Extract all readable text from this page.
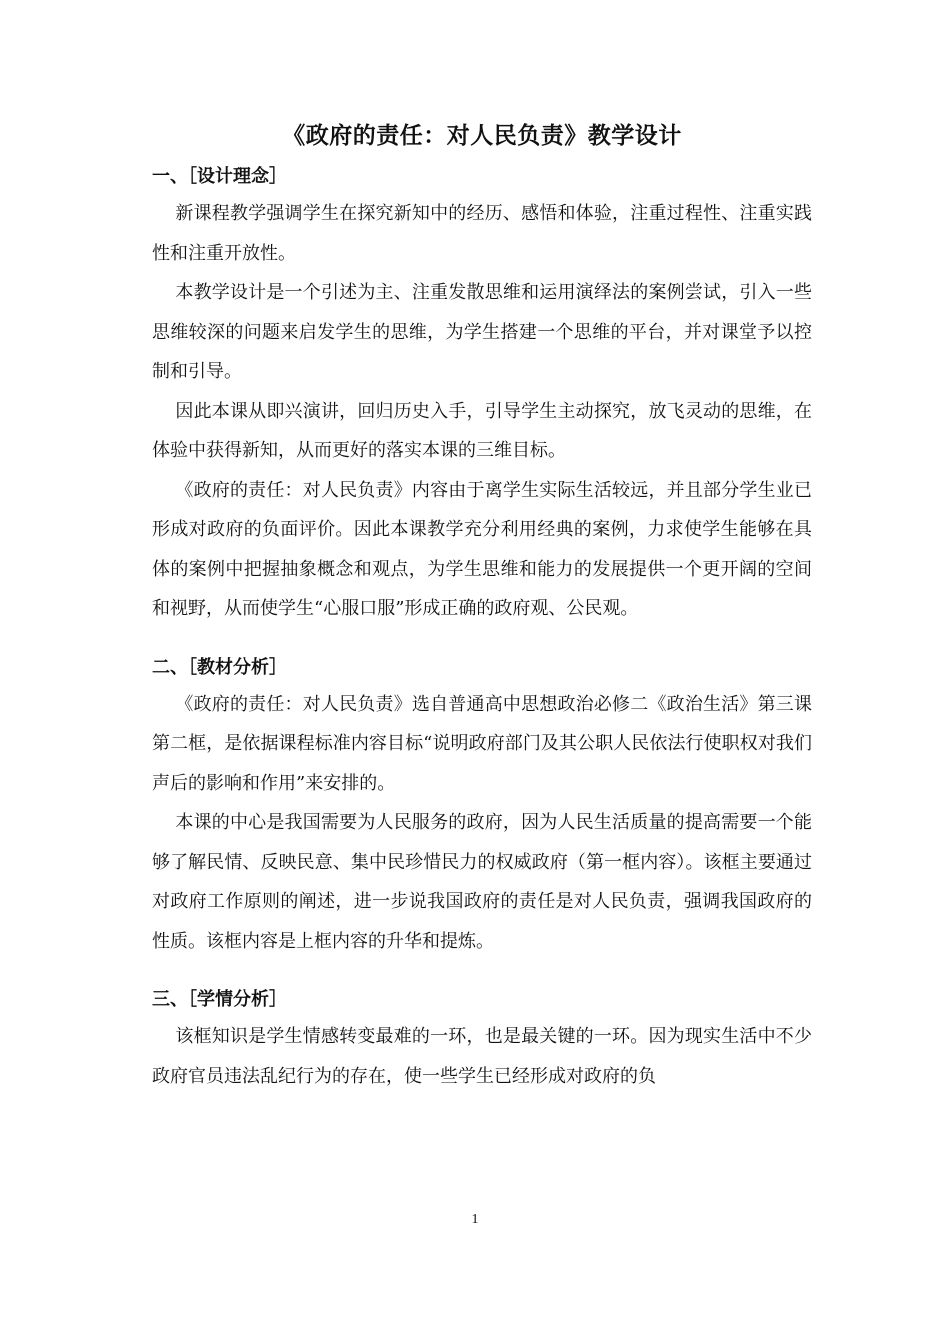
《政府的责任：对人民负责》教学设计
一、［设计理念］

新课程教学强调学生在探究新知中的经历、感悟和体验，注重过程性、注重实践性和注重开放性。

本教学设计是一个引述为主、注重发散思维和运用演绎法的案例尝试，引入一些思维较深的问题来启发学生的思维，为学生搭建一个思维的平台，并对课堂予以控制和引导。

因此本课从即兴演讲，回归历史入手，引导学生主动探究，放飞灵动的思维，在体验中获得新知，从而更好的落实本课的三维目标。

《政府的责任：对人民负责》内容由于离学生实际生活较远，并且部分学生业已形成对政府的负面评价。因此本课教学充分利用经典的案例，力求使学生能够在具体的案例中把握抽象概念和观点，为学生思维和能力的发展提供一个更开阔的空间和视野，从而使学生“心服口服”形成正确的政府观、公民观。

二、［教材分析］

《政府的责任：对人民负责》选自普通高中思想政治必修二《政治生活》第三课第二框，是依据课程标准内容目标“说明政府部门及其公职人民依法行使职权对我们声后的影响和作用”来安排的。

本课的中心是我国需要为人民服务的政府，因为人民生活质量的提高需要一个能够了解民情、反映民意、集中民珍惜民力的权威政府（第一框内容）。该框主要通过对政府工作原则的阐述，进一步说我国政府的责任是对人民负责，强调我国政府的性质。该框内容是上框内容的升华和提炼。

三、［学情分析］

该框知识是学生情感转变最难的一环，也是最关键的一环。因为现实生活中不少政府官员违法乱纪行为的存在，使一些学生已经形成对政府的负

1
